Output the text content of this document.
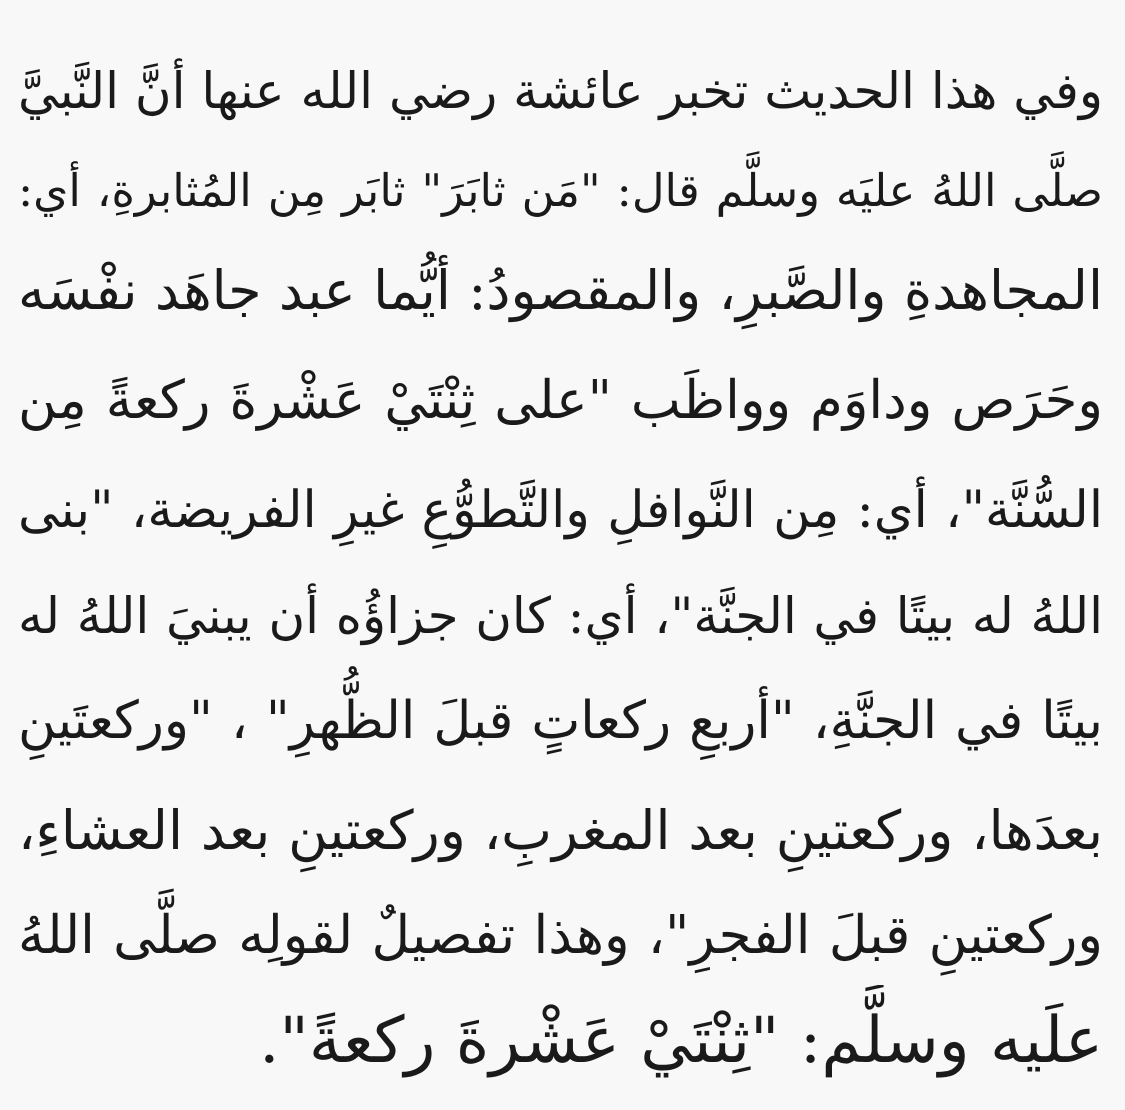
وفي هذا الحديث تخبر عائشة رضي الله عنها أنَّ النَّبيَّ
صلَّى اللهُ عليَه وسلَّم قال: "مَن ثابَرَ" ثابَر مِن المُثابرةِ، أي:
المجاهدةِ والصَّبرِ، والمقصودُ: أيُّما عبد جاهَد نفْسَه
وحَرَص وداوَم وواظَب "على ثِنْتَيْ عَشْرةَ ركعةً مِن
السُّنَّة"، أي: مِن النَّوافلِ والتَّطوُّعِ غيرِ الفريضة، "بنى
اللهُ له بيتًا في الجنَّة"، أي: كان جزاؤُه أن يبنيَ اللهُ له
بيتًا في الجنَّةِ، "أربعِ ركعاتٍ قبلَ الظُّهرِ" ، "وركعتَينِ
بعدَها، وركعتينِ بعد المغربِ، وركعتينِ بعد العشاءِ،
وركعتينِ قبلَ الفجرِ"، وهذا تفصيلٌ لقولِه صلَّى اللهُ
علَيه وسلَّم: "ثِنْتَيْ عَشْرةَ ركعةً".
